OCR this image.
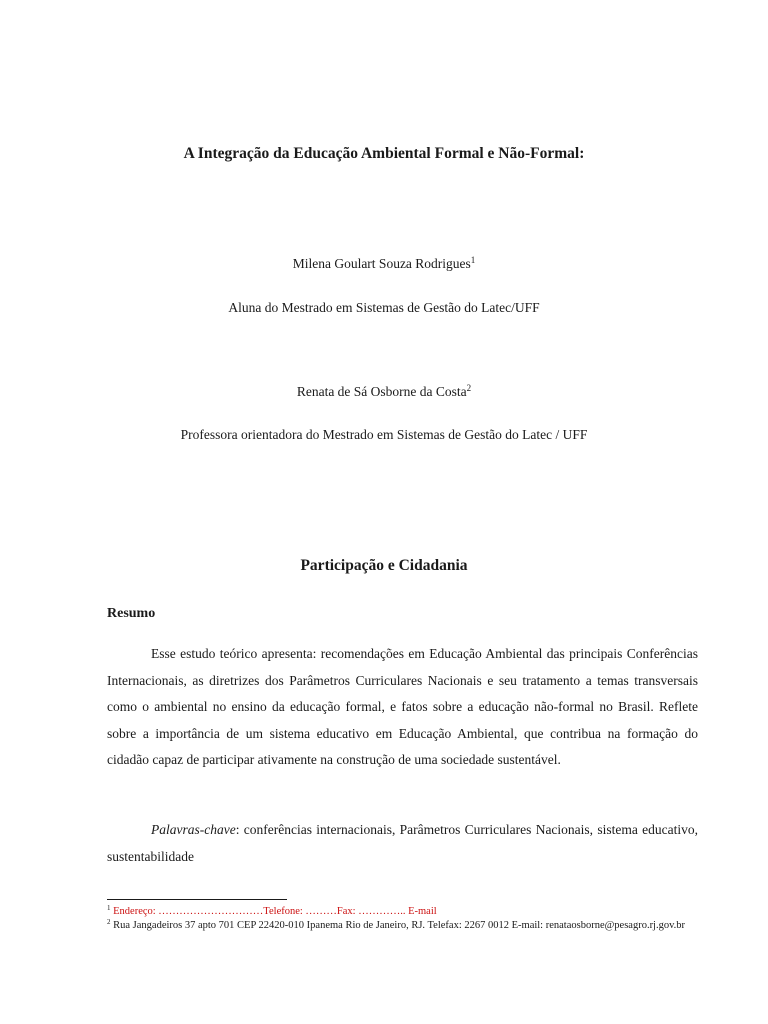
A Integração da Educação Ambiental Formal e Não-Formal:
Milena Goulart Souza Rodrigues$^1$
Aluna do Mestrado em Sistemas de Gestão do Latec/UFF
Renata de Sá Osborne da Costa$^2$
Professora orientadora do Mestrado em Sistemas de Gestão do Latec / UFF
Participação e Cidadania
Resumo

Esse estudo teórico apresenta: recomendações em Educação Ambiental das principais Conferências Internacionais, as diretrizes dos Parâmetros Curriculares Nacionais e seu tratamento a temas transversais como o ambiental no ensino da educação formal, e fatos sobre a educação não-formal no Brasil. Reflete sobre a importância de um sistema educativo em Educação Ambiental, que contribua na formação do cidadão capaz de participar ativamente na construção de uma sociedade sustentável.

Palavras-chave: conferências internacionais, Parâmetros Curriculares Nacionais, sistema educativo, sustentabilidade

$^1$ Endereço: …………………………Telefone: ………Fax: ………….. E-mail

$^2$ Rua Jangadeiros 37 apto 701 CEP 22420-010 Ipanema Rio de Janeiro, RJ. Telefax: 2267 0012 E-mail: renataosborne@pesagro.rj.gov.br
